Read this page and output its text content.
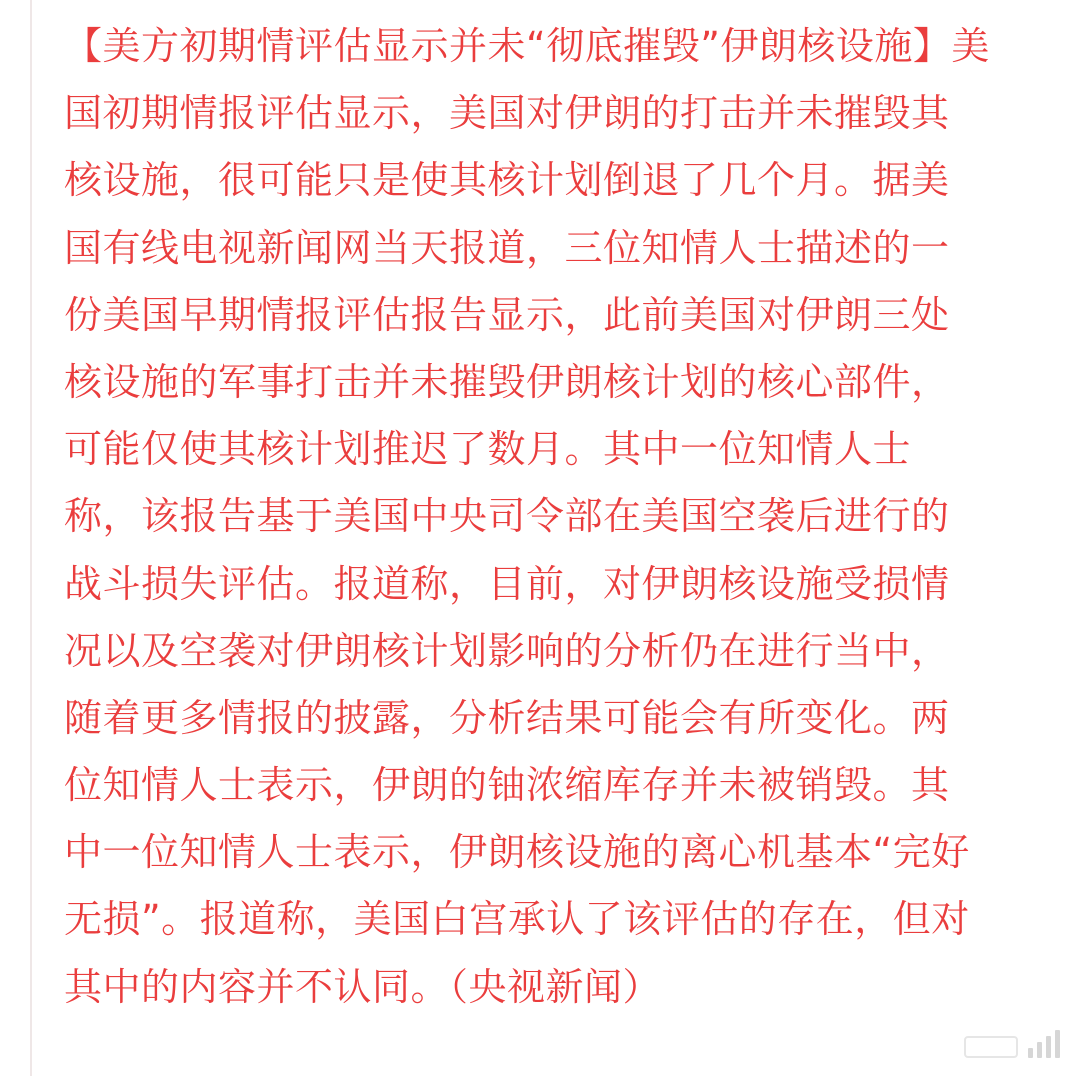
【美方初期情评估显示并未“彻底摧毁”伊朗核设施】美
国初期情报评估显示，美国对伊朗的打击并未摧毁其
核设施，很可能只是使其核计划倒退了几个月。据美
国有线电视新闻网当天报道，三位知情人士描述的一
份美国早期情报评估报告显示，此前美国对伊朗三处
核设施的军事打击并未摧毁伊朗核计划的核心部件，
可能仅使其核计划推迟了数月。其中一位知情人士
称，该报告基于美国中央司令部在美国空袭后进行的
战斗损失评估。报道称，目前，对伊朗核设施受损情
况以及空袭对伊朗核计划影响的分析仍在进行当中，
随着更多情报的披露，分析结果可能会有所变化。两
位知情人士表示，伊朗的铀浓缩库存并未被销毁。其
中一位知情人士表示，伊朗核设施的离心机基本“完好
无损”。报道称，美国白宫承认了该评估的存在，但对
其中的内容并不认同。（央视新闻）
